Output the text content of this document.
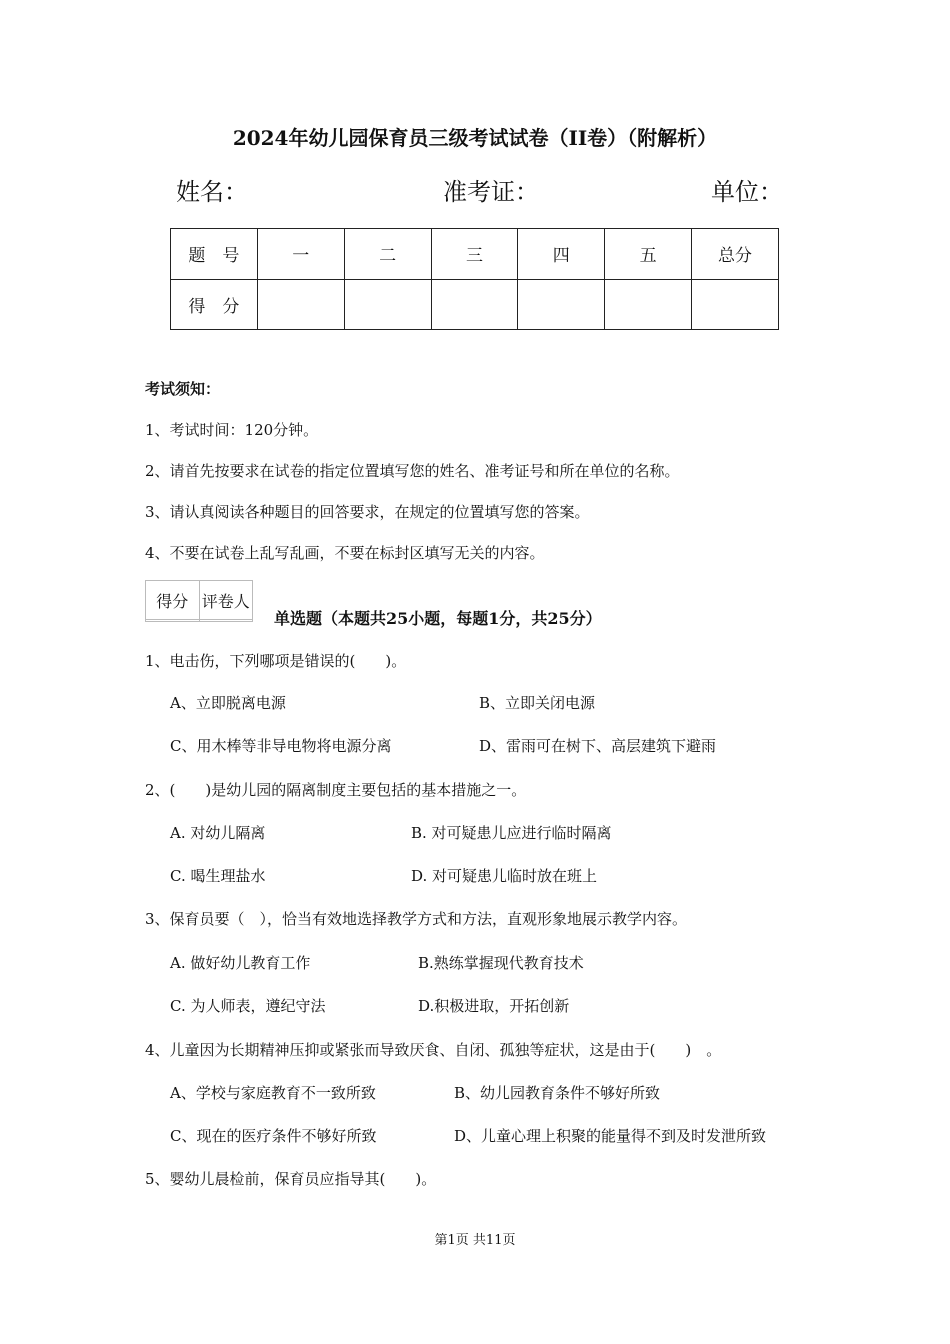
2024年幼儿园保育员三级考试试卷（II卷）（附解析）
姓名：	准考证：	单位：
题　号	一	二	三	四	五	总分
得　分						
考试须知：
1、考试时间：120分钟。
2、请首先按要求在试卷的指定位置填写您的姓名、准考证号和所在单位的名称。
3、请认真阅读各种题目的回答要求，在规定的位置填写您的答案。
4、不要在试卷上乱写乱画，不要在标封区填写无关的内容。
得分	评卷人

单选题（本题共25小题，每题1分，共25分）
1、电击伤，下列哪项是错误的(　　)。
A、立即脱离电源	B、立即关闭电源
C、用木棒等非导电物将电源分离	D、雷雨可在树下、高层建筑下避雨
2、(　　)是幼儿园的隔离制度主要包括的基本措施之一。
A. 对幼儿隔离	B. 对可疑患儿应进行临时隔离
C. 喝生理盐水	D. 对可疑患儿临时放在班上
3、保育员要（　），恰当有效地选择教学方式和方法，直观形象地展示教学内容。
A. 做好幼儿教育工作	B.熟练掌握现代教育技术
C. 为人师表，遵纪守法	D.积极进取，开拓创新
4、儿童因为长期精神压抑或紧张而导致厌食、自闭、孤独等症状，这是由于(　　)　。
A、学校与家庭教育不一致所致	B、幼儿园教育条件不够好所致
C、现在的医疗条件不够好所致	D、儿童心理上积聚的能量得不到及时发泄所致
5、婴幼儿晨检前，保育员应指导其(　　)。
第1页 共11页
